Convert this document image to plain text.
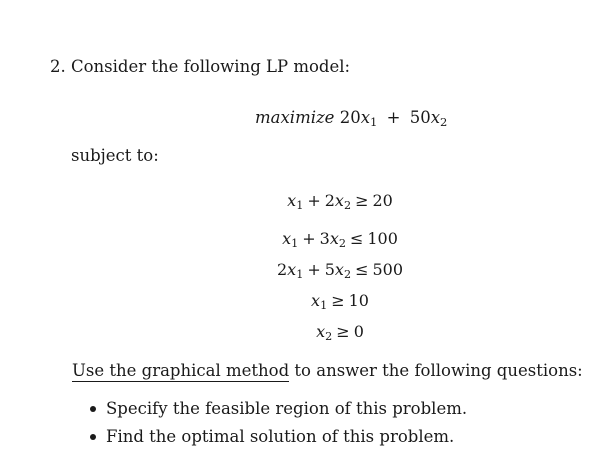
2. Consider the following LP model:
maximize $20x_1 + 50x_2$
subject to:
$x_1 + 2x_2 \ge 20$
$x_1 + 3x_2 \le 100$
$2x_1 + 5x_2 \le 500$
$x_1 \ge 10$
$x_2 \ge 0$
Use the graphical method to answer the following questions:
Specify the feasible region of this problem.
Find the optimal solution of this problem.
